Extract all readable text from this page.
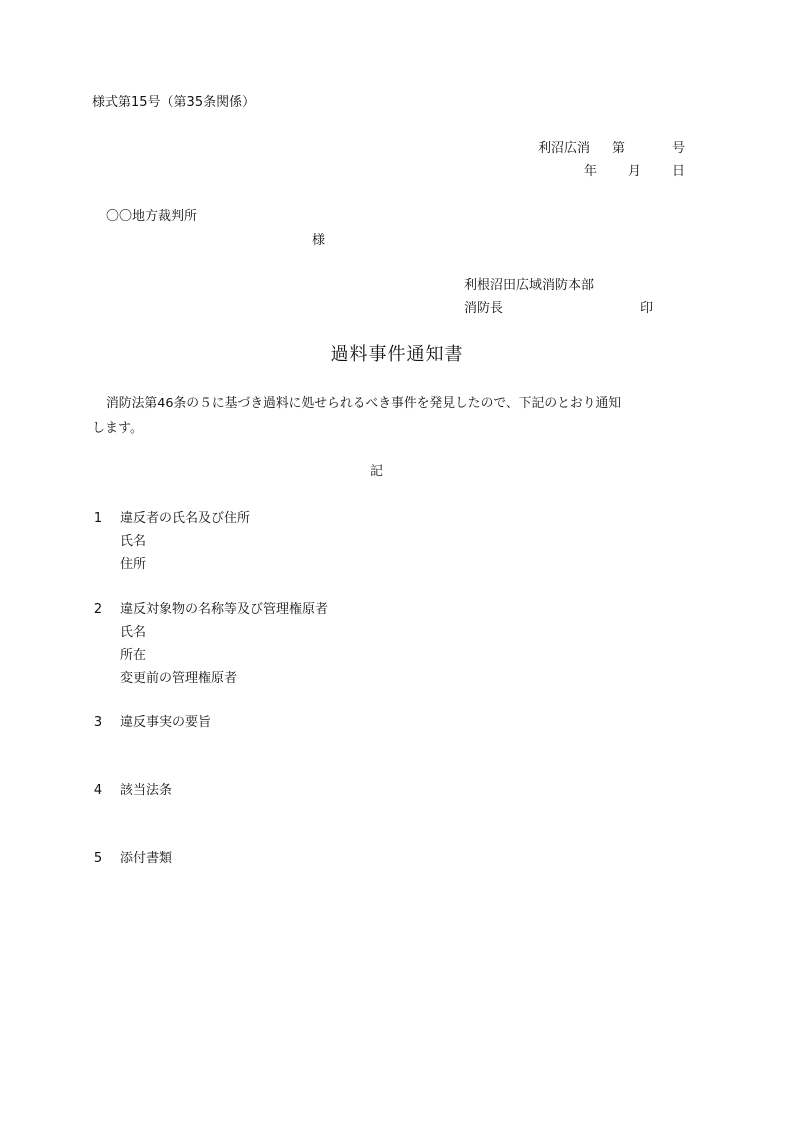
様式第15号（第35条関係）
利沼広消 第	号
年 月 日
〇〇地方裁判所
様
利根沼田広域消防本部
消防長	印
過料事件通知書
消防法第46条の５に基づき過料に処せられるべき事件を発見したので、下記のとおり通知
します。
記
1 違反者の氏名及び住所
氏名
住所
2 違反対象物の名称等及び管理権原者
氏名
所在
変更前の管理権原者
3 違反事実の要旨
4 該当法条
5 添付書類
